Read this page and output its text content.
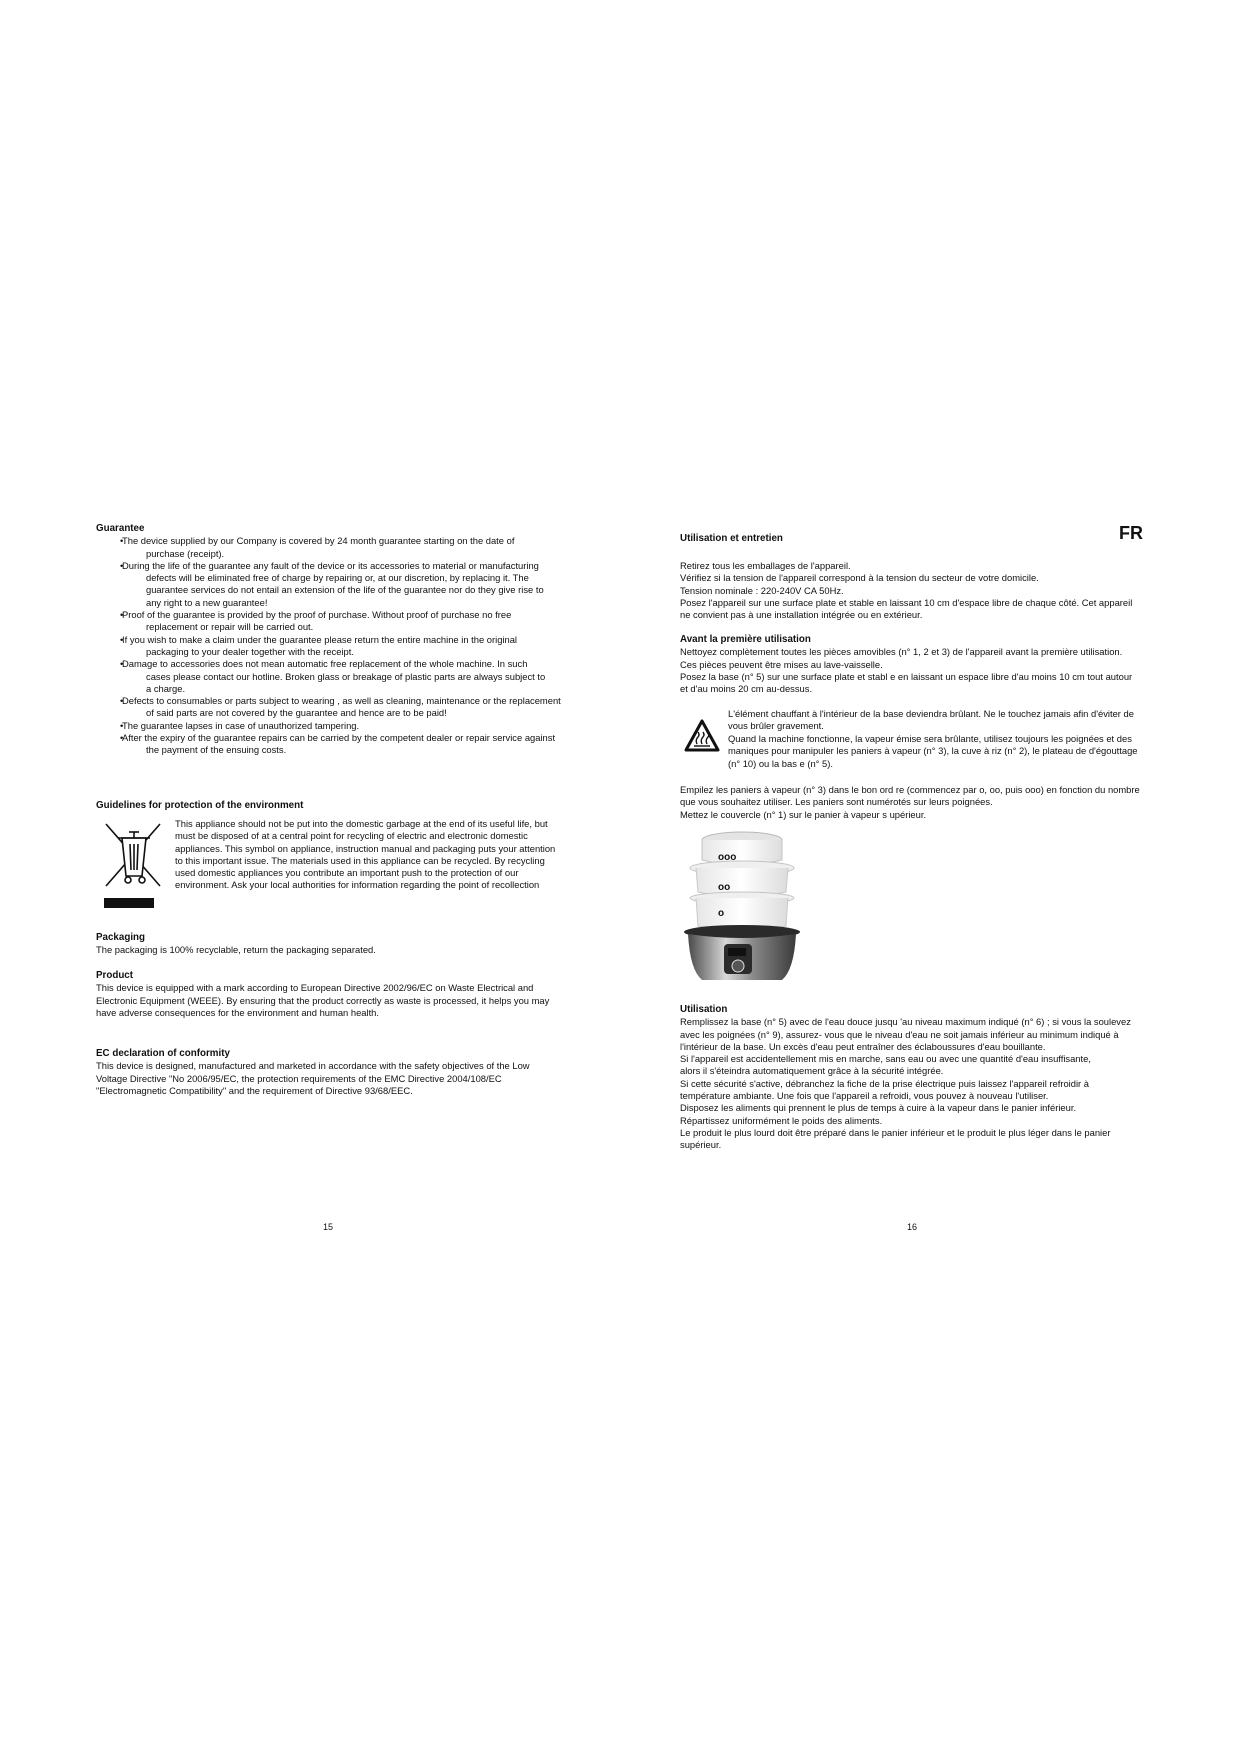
Guarantee
• The device supplied by our Company is covered by 24 month guarantee starting on the date of purchase (receipt).
• During the life of the guarantee any fault of the device or its accessories to material or manufacturing defects will be eliminated free of charge by repairing or, at our discretion, by replacing it. The guarantee services do not entail an extension of the life of the guarantee nor do they give rise to any right to a new guarantee!
• Proof of the guarantee is provided by the proof of purchase. Without proof of purchase no free replacement or repair will be carried out.
• If you wish to make a claim under the guarantee please return the entire machine in the original packaging to your dealer together with the receipt.
• Damage to accessories does not mean automatic free replacement of the whole machine. In such cases please contact our hotline. Broken glass or breakage of plastic parts are always subject to a charge.
• Defects to consumables or parts subject to wearing , as well as cleaning, maintenance or the replacement of said parts are not covered by the guarantee and hence are to be paid!
• The guarantee lapses in case of unauthorized tampering.
• After the expiry of the guarantee repairs can be carried by the competent dealer or repair service against the payment of the ensuing costs.
Guidelines for protection of the environment
This appliance should not be put into the domestic garbage at the end of its useful life, but must be disposed of at a central point for recycling of electric and electronic domestic appliances. This symbol on appliance, instruction manual and packaging puts your attention to this important issue. The materials used in this appliance can be recycled. By recycling used domestic appliances you contribute an important push to the protection of our environment. Ask your local authorities for information regarding the point of recollection
Packaging
The packaging is 100% recyclable, return the packaging separated.
Product
This device is equipped with a mark according to European Directive 2002/96/EC on Waste Electrical and Electronic Equipment (WEEE). By ensuring that the product correctly as waste is processed, it helps you may have adverse consequences for the environment and human health.
EC declaration of conformity
This device is designed, manufactured and marketed in accordance with the safety objectives of the Low Voltage Directive "No 2006/95/EC, the protection requirements of the EMC Directive 2004/108/EC "Electromagnetic Compatibility" and the requirement of Directive 93/68/EEC.
15
Utilisation et entretien	FR
Retirez tous les emballages de l'appareil.
Vérifiez si la tension de l'appareil correspond à la tension du secteur de votre domicile.
Tension nominale : 220-240V CA 50Hz.
Posez l'appareil sur une surface plate et stable en laissant 10 cm d'espace libre de chaque côté. Cet appareil ne convient pas à une installation intégrée ou en extérieur.
Avant la première utilisation
Nettoyez complètement toutes les pièces amovibles (n° 1, 2 et 3) de l'appareil avant la première utilisation.
Ces pièces peuvent être mises au lave-vaisselle.
Posez la base (n° 5) sur une surface plate et stabl e en laissant un espace libre d'au moins 10 cm tout autour et d'au moins 20 cm au-dessus.
L'élément chauffant à l'intérieur de la base deviendra brûlant. Ne le touchez jamais afin d'éviter de vous brûler gravement.
Quand la machine fonctionne, la vapeur émise sera brûlante, utilisez toujours les poignées et des maniques pour manipuler les paniers à vapeur (n° 3), la cuve à riz (n° 2), le plateau de d'égouttage (n° 10) ou la bas e (n° 5).
Empilez les paniers à vapeur (n° 3) dans le bon ord re (commencez par o, oo, puis ooo) en fonction du nombre que vous souhaitez utiliser. Les paniers sont numérotés sur leurs poignées.
Mettez le couvercle (n° 1) sur le panier à vapeur s upérieur.
ooo
oo
o
Utilisation
Remplissez la base (n° 5) avec de l'eau douce jusqu 'au niveau maximum indiqué (n° 6) ; si vous la soulevez avec les poignées (n° 9), assurez- vous que le niveau d'eau ne soit jamais inférieur au minimum indiqué à l'intérieur de la base. Un excès d'eau peut entraîner des éclaboussures d'eau bouillante.
Si l'appareil est accidentellement mis en marche, sans eau ou avec une quantité d'eau insuffisante, alors il s'éteindra automatiquement grâce à la sécurité intégrée.
Si cette sécurité s'active, débranchez la fiche de la prise électrique puis laissez l'appareil refroidir à température ambiante. Une fois que l'appareil a refroidi, vous pouvez à nouveau l'utiliser.
Disposez les aliments qui prennent le plus de temps à cuire à la vapeur dans le panier inférieur. Répartissez uniformément le poids des aliments.
Le produit le plus lourd doit être préparé dans le panier inférieur et le produit le plus léger dans le panier supérieur.
16
